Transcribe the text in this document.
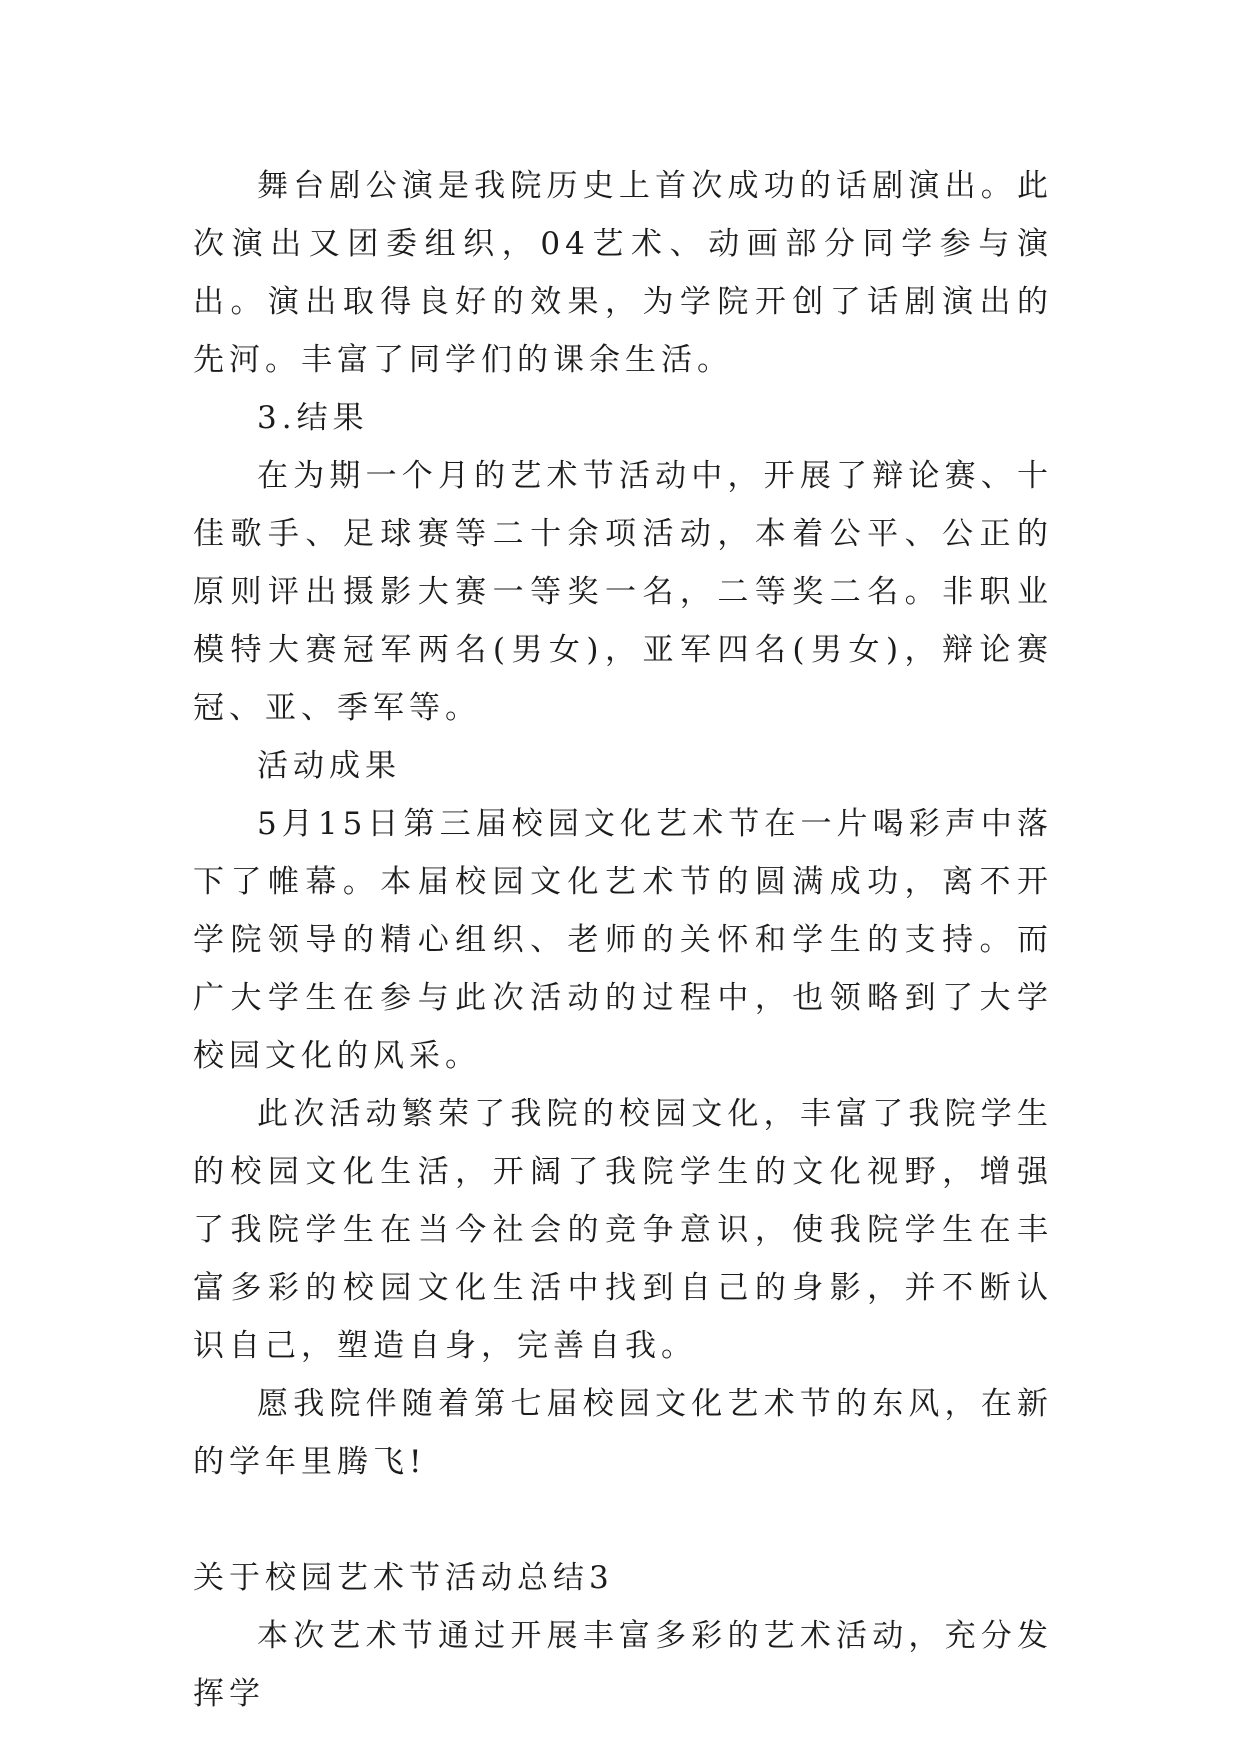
舞台剧公演是我院历史上首次成功的话剧演出。此次演出又团委组织，04艺术、动画部分同学参与演出。演出取得良好的效果，为学院开创了话剧演出的先河。丰富了同学们的课余生活。

3.结果

在为期一个月的艺术节活动中，开展了辩论赛、十佳歌手、足球赛等二十余项活动，本着公平、公正的原则评出摄影大赛一等奖一名，二等奖二名。非职业模特大赛冠军两名(男女)，亚军四名(男女)，辩论赛冠、亚、季军等。

活动成果

5月15日第三届校园文化艺术节在一片喝彩声中落下了帷幕。本届校园文化艺术节的圆满成功，离不开学院领导的精心组织、老师的关怀和学生的支持。而广大学生在参与此次活动的过程中，也领略到了大学校园文化的风采。

此次活动繁荣了我院的校园文化，丰富了我院学生的校园文化生活，开阔了我院学生的文化视野，增强了我院学生在当今社会的竞争意识，使我院学生在丰富多彩的校园文化生活中找到自己的身影，并不断认识自己，塑造自身，完善自我。

愿我院伴随着第七届校园文化艺术节的东风，在新的学年里腾飞!

关于校园艺术节活动总结3

本次艺术节通过开展丰富多彩的艺术活动，充分发挥学
